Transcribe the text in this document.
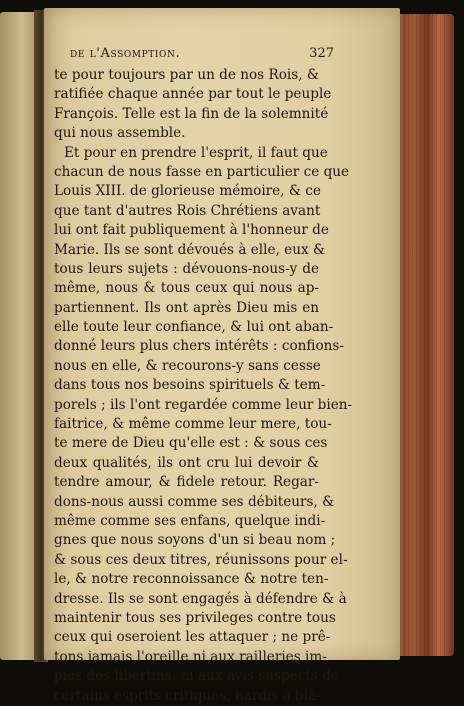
de l'Assomption.	327
te pour toujours par un de nos Rois, &
ratifiée chaque année par tout le peuple
François. Telle est la fin de la solemnité
qui nous assemble.
Et pour en prendre l'esprit, il faut que
chacun de nous fasse en particulier ce que
Louis XIII. de glorieuse mémoire, & ce
que tant d'autres Rois Chrétiens avant
lui ont fait publiquement à l'honneur de
Marie. Ils se sont dévoués à elle, eux &
tous leurs sujets : dévouons-nous-y de
même, nous & tous ceux qui nous ap-
partiennent. Ils ont après Dieu mis en
elle toute leur confiance, & lui ont aban-
donné leurs plus chers intérêts : confions-
nous en elle, & recourons-y sans cesse
dans tous nos besoins spirituels & tem-
porels ; ils l'ont regardée comme leur bien-
faitrice, & même comme leur mere, tou-
te mere de Dieu qu'elle est : & sous ces
deux qualités, ils ont cru lui devoir &
tendre amour, & fidele retour. Regar-
dons-nous aussi comme ses débiteurs, &
même comme ses enfans, quelque indi-
gnes que nous soyons d'un si beau nom ;
& sous ces deux titres, réunissons pour el-
le, & notre reconnoissance & notre ten-
dresse. Ils se sont engagés à défendre & à
maintenir tous ses privileges contre tous
ceux qui oseroient les attaquer ; ne prê-
tons jamais l'oreille ni aux railleries im-
pies des libertins, ni aux avis suspects de
certains esprits critiques, hardis à blâ-
